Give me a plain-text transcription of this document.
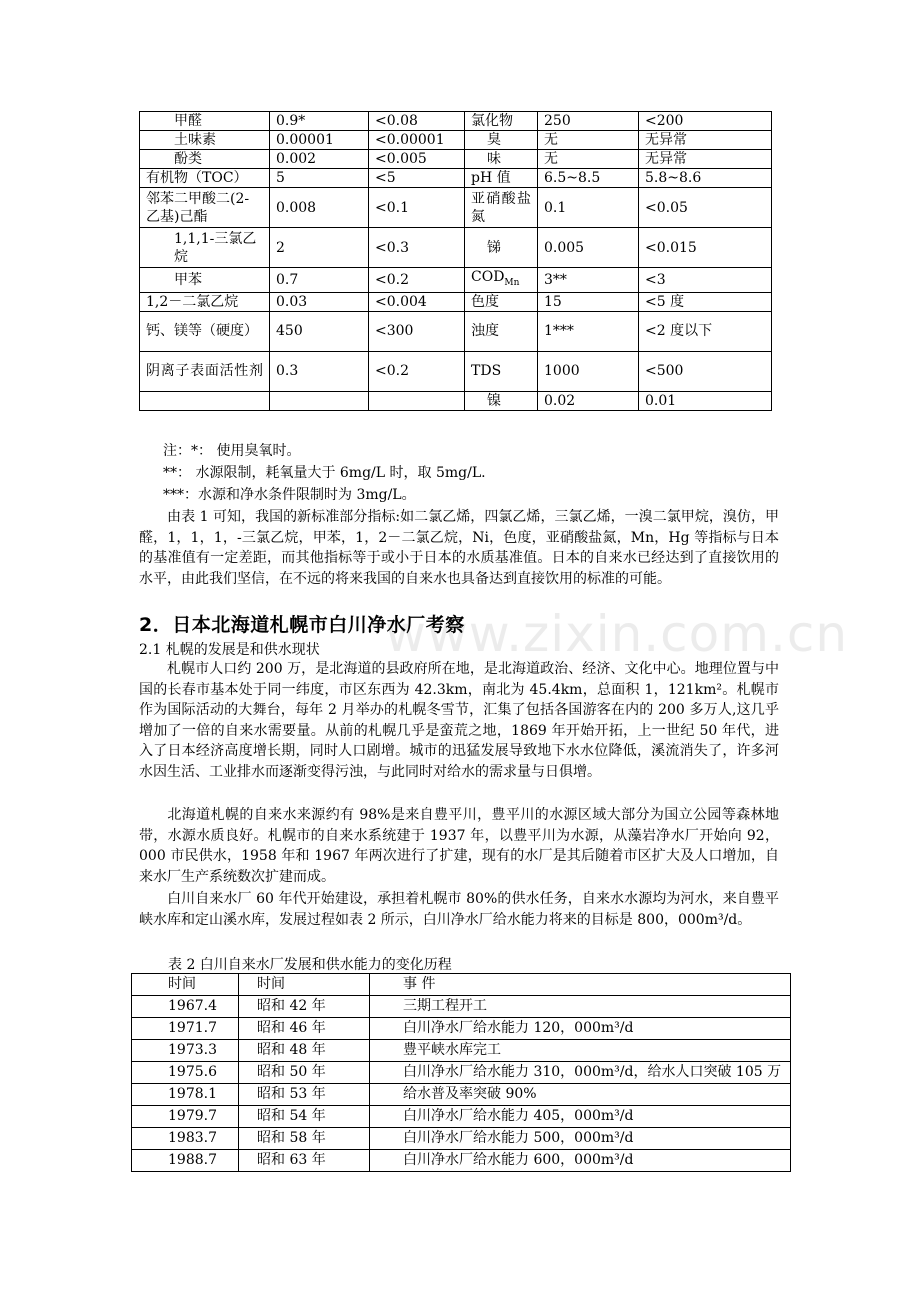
www.zixin.com.cn
甲醛	0.9*	<0.08	氯化物	250	<200
土味素	0.00001	<0.00001	臭	无	无异常
酚类	0.002	<0.005	味	无	无异常
有机物（TOC）	5	<5	pH 值	6.5~8.5	5.8~8.6
邻苯二甲酸二(2-乙基)己酯	0.008	<0.1	亚硝酸盐氮	0.1	<0.05
1,1,1-三氯乙烷	2	<0.3	锑	0.005	<0.015
甲苯	0.7	<0.2	$COD_{Mn}$	3**	<3
1,2－二氯乙烷	0.03	<0.004	色度	15	<5 度
钙、镁等（硬度）	450	<300	浊度	1***	<2 度以下
阴离子表面活性剂	0.3	<0.2	TDS	1000	<500
			镍	0.02	0.01
注：*： 使用臭氧时。
**： 水源限制，耗氧量大于 6mg/L 时，取 5mg/L.
***：水源和净水条件限制时为 3mg/L。
由表 1 可知，我国的新标准部分指标:如二氯乙烯，四氯乙烯，三氯乙烯，一溴二氯甲烷，溴仿，甲醛，1，1，1，-三氯乙烷，甲苯，1，2－二氯乙烷，Ni，色度，亚硝酸盐氮，Mn，Hg 等指标与日本的基准值有一定差距，而其他指标等于或小于日本的水质基准值。日本的自来水已经达到了直接饮用的水平，由此我们坚信，在不远的将来我国的自来水也具备达到直接饮用的标准的可能。
2．日本北海道札幌市白川净水厂考察
2.1 札幌的发展是和供水现状
札幌市人口约 200 万，是北海道的县政府所在地，是北海道政治、经济、文化中心。地理位置与中国的长春市基本处于同一纬度，市区东西为 42.3km，南北为 45.4km，总面积 1，121km²。札幌市作为国际活动的大舞台，每年 2 月举办的札幌冬雪节，汇集了包括各国游客在内的 200 多万人,这几乎增加了一倍的自来水需要量。从前的札幌几乎是蛮荒之地，1869 年开始开拓，上一世纪 50 年代，进入了日本经济高度增长期，同时人口剧增。城市的迅猛发展导致地下水水位降低，溪流消失了，许多河水因生活、工业排水而逐渐变得污浊，与此同时对给水的需求量与日俱增。
北海道札幌的自来水来源约有 98%是来自豊平川，豊平川的水源区域大部分为国立公园等森林地带，水源水质良好。札幌市的自来水系统建于 1937 年，以豊平川为水源，从藻岩净水厂开始向 92，000 市民供水，1958 年和 1967 年两次进行了扩建，现有的水厂是其后随着市区扩大及人口增加，自来水厂生产系统数次扩建而成。
白川自来水厂 60 年代开始建设，承担着札幌市 80%的供水任务，自来水水源均为河水，来自豊平峡水库和定山溪水库，发展过程如表 2 所示，白川净水厂给水能力将来的目标是 800，000m³/d。
表 2 白川自来水厂发展和供水能力的变化历程
时间	时间	事 件
1967.4	昭和 42 年	三期工程开工
1971.7	昭和 46 年	白川净水厂给水能力 120，000m³/d
1973.3	昭和 48 年	豊平峡水库完工
1975.6	昭和 50 年	白川净水厂给水能力 310，000m³/d，给水人口突破 105 万
1978.1	昭和 53 年	给水普及率突破 90%
1979.7	昭和 54 年	白川净水厂给水能力 405，000m³/d
1983.7	昭和 58 年	白川净水厂给水能力 500，000m³/d
1988.7	昭和 63 年	白川净水厂给水能力 600，000m³/d
